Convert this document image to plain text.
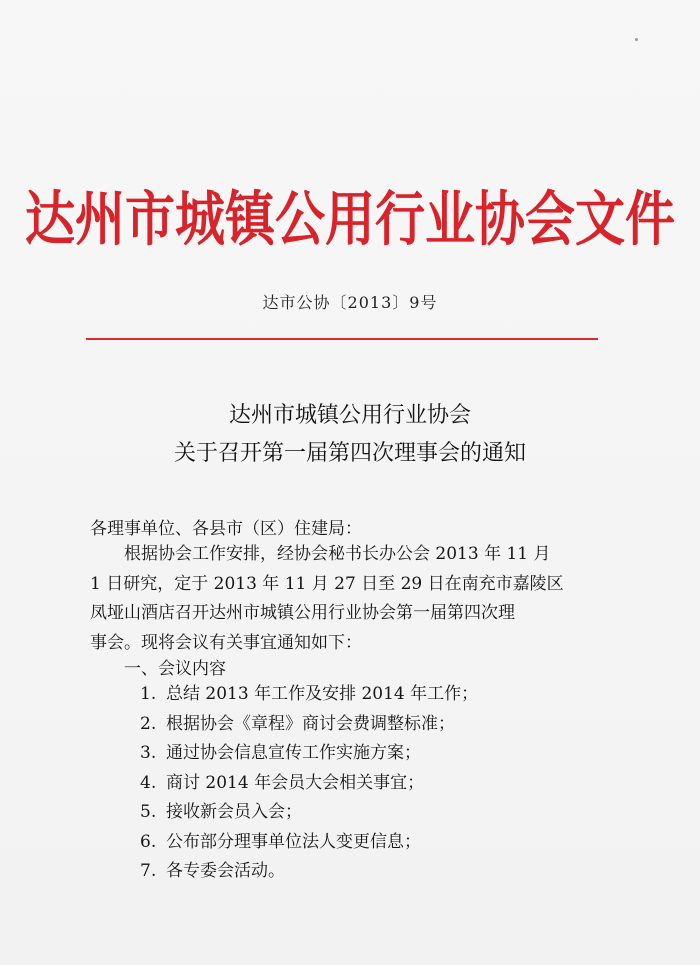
达州市城镇公用行业协会文件
达市公协〔2013〕9号
达州市城镇公用行业协会
关于召开第一届第四次理事会的通知
各理事单位、各县市（区）住建局：
根据协会工作安排，经协会秘书长办公会 2013 年 11 月
1 日研究，定于 2013 年 11 月 27 日至 29 日在南充市嘉陵区
凤垭山酒店召开达州市城镇公用行业协会第一届第四次理
事会。现将会议有关事宜通知如下：
一、会议内容
1. 总结 2013 年工作及安排 2014 年工作；
2. 根据协会《章程》商讨会费调整标准；
3. 通过协会信息宣传工作实施方案；
4. 商讨 2014 年会员大会相关事宜；
5. 接收新会员入会；
6. 公布部分理事单位法人变更信息；
7. 各专委会活动。
